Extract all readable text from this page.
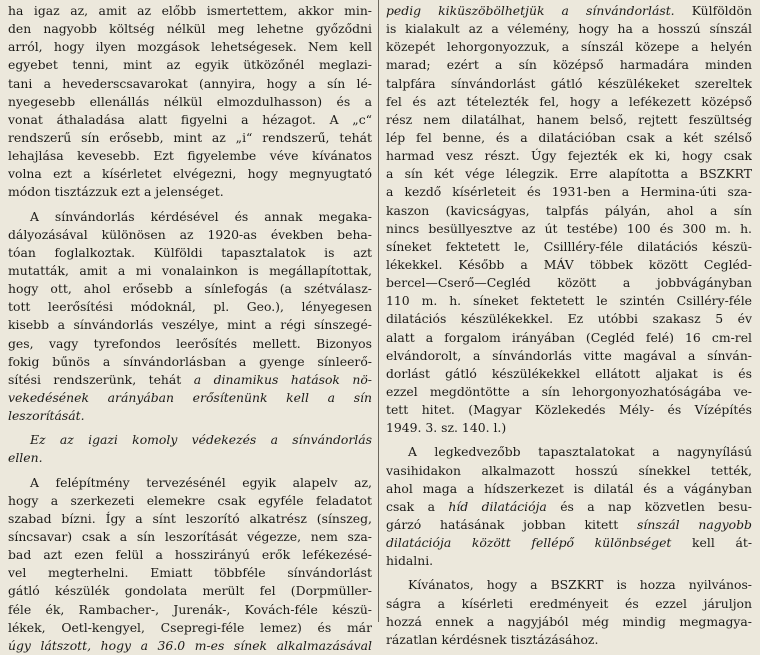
ha igaz az, amit az előbb ismertettem, akkor min-
den nagyobb költség nélkül meg lehetne győződni
arról, hogy ilyen mozgások lehetségesek. Nem kell
egyebet tenni, mint az egyik ütközőnél meglazi-
tani a hevederscsavarokat (annyira, hogy a sín lé-
nyegesebb ellenállás nélkül elmozdulhasson) és a
vonat áthaladása alatt figyelni a hézagot. A „c“
rendszerű sín erősebb, mint az „i“ rendszerű, tehát
lehajlása kevesebb. Ezt figyelembe véve kívánatos
volna ezt a kísérletet elvégezni, hogy megnyugtató
módon tisztázzuk ezt a jelenséget.
A sínvándorlás kérdésével és annak megaka-
dályozásával különösen az 1920-as években beha-
tóan foglalkoztak. Külföldi tapasztalatok is azt
mutatták, amit a mi vonalainkon is megállapítottak,
hogy ott, ahol erősebb a sínlefogás (a szétválasz-
tott leerősítési módoknál, pl. Geo.), lényegesen
kisebb a sínvándorlás veszélye, mint a régi sínszegé-
ges, vagy tyrefondos leerősítés mellett. Bizonyos
fokig bűnös a sínvándorlásban a gyenge sínleerő-
sítési rendszerünk, tehát a dinamikus hatások nö-
vekedésének arányában erősítenünk kell a sín
leszorítását.
Ez az igazi komoly védekezés a sínvándorlás
ellen.
A felépítmény tervezésénél egyik alapelv az,
hogy a szerkezeti elemekre csak egyféle feladatot
szabad bízni. Így a sínt leszorító alkatrész (sínszeg,
síncsavar) csak a sín leszorítását végezze, nem sza-
bad azt ezen felül a hosszirányú erők lefékezésé-
vel megterhelni. Emiatt többféle sínvándorlást
gátló készülék gondolata merült fel (Dorpmüller-
féle ék, Rambacher-, Jurenák-, Kovách-féle készü-
lékek, Oetl-kengyel, Csepregi-féle lemez) és már
úgy látszott, hogy a 36.0 m-es sínek alkalmazásával
pedig kiküszöbölhetjük a sínvándorlást. Külföldön
is kialakult az a vélemény, hogy ha a hosszú sínszál
közepét lehorgonyozzuk, a sínszál közepe a helyén
marad; ezért a sín középső harmadára minden
talpfára sínvándorlást gátló készülékeket szereltek
fel és azt tételezték fel, hogy a lefékezett középső
rész nem dilatálhat, hanem belső, rejtett feszültség
lép fel benne, és a dilatációban csak a két szélső
harmad vesz részt. Úgy fejezték ek ki, hogy csak
a sín két vége lélegzik. Erre alapította a BSZKRT
a kezdő kísérleteit és 1931-ben a Hermina-úti sza-
kaszon (kavicságyas, talpfás pályán, ahol a sín
nincs besüllyesztve az út testébe) 100 és 300 m. h.
síneket fektetett le, Csillléry-féle dilatációs készü-
lékekkel. Később a MÁV többek között Cegléd-
bercel—Cserő—Cegléd között a jobbvágányban
110 m. h. síneket fektetett le szintén Csilléry-féle
dilatációs készülékekkel. Ez utóbbi szakasz 5 év
alatt a forgalom irányában (Cegléd felé) 16 cm-rel
elvándorolt, a sínvándorlás vitte magával a sínván-
dorlást gátló készülékekkel ellátott aljakat is és
ezzel megdöntötte a sín lehorgonyozhatóságába ve-
tett hitet. (Magyar Közlekedés Mély- és Vízépítés
1949. 3. sz. 140. l.)
A legkedvezőbb tapasztalatokat a nagynyílású
vasihidakon alkalmazott hosszú sínekkel tették,
ahol maga a hídszerkezet is dilatál és a vágányban
csak a híd dilatációja és a nap közvetlen besu-
gárzó hatásának jobban kitett sínszál nagyobb
dilatációja között fellépő különbséget kell át-
hidalni.
Kívánatos, hogy a BSZKRT is hozza nyilvános-
ságra a kísérleti eredményeit és ezzel járuljon
hozzá ennek a nagyjából még mindig megmagya-
rázatlan kérdésnek tisztázásához.
